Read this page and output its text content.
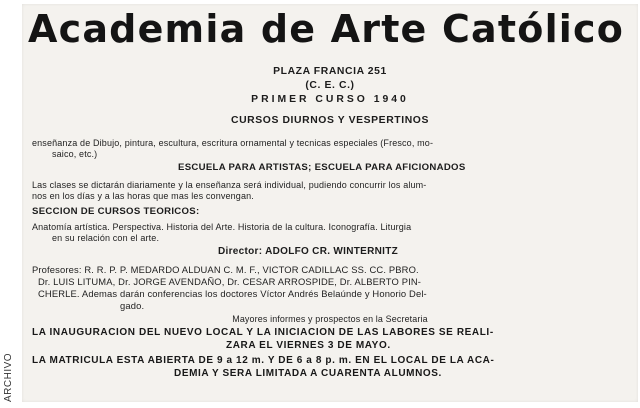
Academia de Arte Católico
PLAZA FRANCIA 251
(C. E. C.)
PRIMER CURSO 1940
CURSOS DIURNOS Y VESPERTINOS
enseñanza de Dibujo, pintura, escultura, escritura ornamental y tecnicas especiales (Fresco, mo-
saico, etc.)
ESCUELA PARA ARTISTAS; ESCUELA PARA AFICIONADOS
Las clases se dictarán diariamente y la enseñanza será individual, pudiendo concurrir los alum-
nos en los días y a las horas que mas les convengan.
SECCION DE CURSOS TEORICOS:
Anatomía artística. Perspectiva. Historia del Arte. Historia de la cultura. Iconografía. Liturgia
en su relación con el arte.
Director: ADOLFO CR. WINTERNITZ
Profesores: R. R. P. P. MEDARDO ALDUAN C. M. F., VICTOR CADILLAC SS. CC. PBRO.
Dr. LUIS LITUMA, Dr. JORGE AVENDAÑO, Dr. CESAR ARROSPIDE, Dr. ALBERTO PIN-
CHERLE. Ademas darán conferencias los doctores Víctor Andrés Belaúnde y Honorio Del-
gado.
Mayores informes y prospectos en la Secretaria
LA INAUGURACION DEL NUEVO LOCAL Y LA INICIACION DE LAS LABORES SE REALI-
ZARA EL VIERNES 3 DE MAYO.
LA MATRICULA ESTA ABIERTA DE 9 a 12 m. Y DE 6 a 8 p. m. EN EL LOCAL DE LA ACA-
DEMIA Y SERA LIMITADA A CUARENTA ALUMNOS.
ARCHIVO
